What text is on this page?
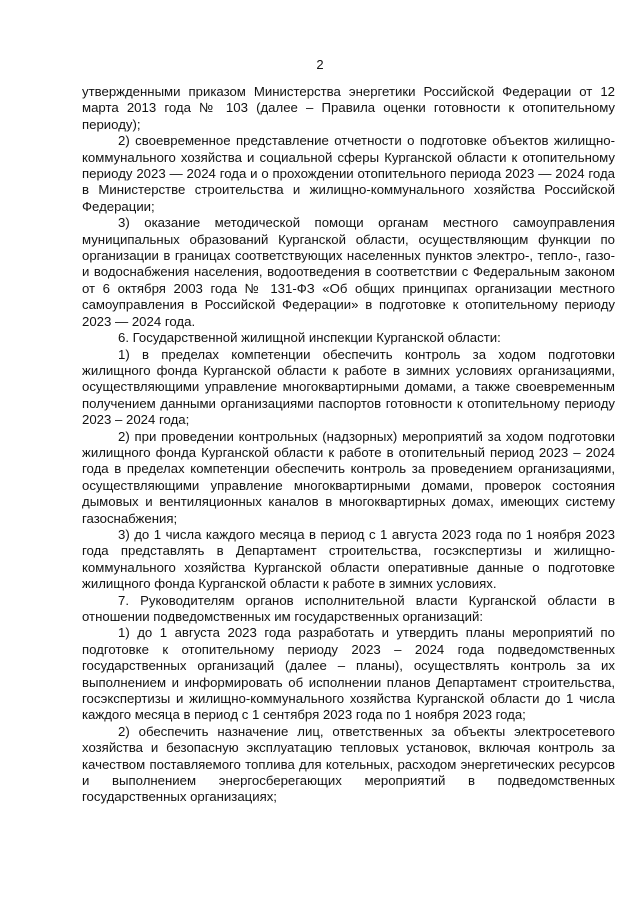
2

утвержденными приказом Министерства энергетики Российской Федерации от 12 марта 2013 года № 103 (далее – Правила оценки готовности к отопительному периоду);

2) своевременное представление отчетности о подготовке объектов жилищно-коммунального хозяйства и социальной сферы Курганской области к отопительному периоду 2023 — 2024 года и о прохождении отопительного периода 2023 — 2024 года в Министерстве строительства и жилищно-коммунального хозяйства Российской Федерации;

3) оказание методической помощи органам местного самоуправления муниципальных образований Курганской области, осуществляющим функции по организации в границах соответствующих населенных пунктов электро-, тепло-, газо- и водоснабжения населения, водоотведения в соответствии с Федеральным законом от 6 октября 2003 года № 131-ФЗ «Об общих принципах организации местного самоуправления в Российской Федерации» в подготовке к отопительному периоду 2023 — 2024 года.

6. Государственной жилищной инспекции Курганской области:

1) в пределах компетенции обеспечить контроль за ходом подготовки жилищного фонда Курганской области к работе в зимних условиях организациями, осуществляющими управление многоквартирными домами, а также своевременным получением данными организациями паспортов готовности к отопительному периоду 2023 – 2024 года;

2) при проведении контрольных (надзорных) мероприятий за ходом подготовки жилищного фонда Курганской области к работе в отопительный период 2023 – 2024 года в пределах компетенции обеспечить контроль за проведением организациями, осуществляющими управление многоквартирными домами, проверок состояния дымовых и вентиляционных каналов в многоквартирных домах, имеющих систему газоснабжения;

3) до 1 числа каждого месяца в период с 1 августа 2023 года по 1 ноября 2023 года представлять в Департамент строительства, госэкспертизы и жилищно-коммунального хозяйства Курганской области оперативные данные о подготовке жилищного фонда Курганской области к работе в зимних условиях.

7. Руководителям органов исполнительной власти Курганской области в отношении подведомственных им государственных организаций:

1) до 1 августа 2023 года разработать и утвердить планы мероприятий по подготовке к отопительному периоду 2023 – 2024 года подведомственных государственных организаций (далее – планы), осуществлять контроль за их выполнением и информировать об исполнении планов Департамент строительства, госэкспертизы и жилищно-коммунального хозяйства Курганской области до 1 числа каждого месяца в период с 1 сентября 2023 года по 1 ноября 2023 года;

2) обеспечить назначение лиц, ответственных за объекты электросетевого хозяйства и безопасную эксплуатацию тепловых установок, включая контроль за качеством поставляемого топлива для котельных, расходом энергетических ресурсов и выполнением энергосберегающих мероприятий в подведомственных государственных организациях;
